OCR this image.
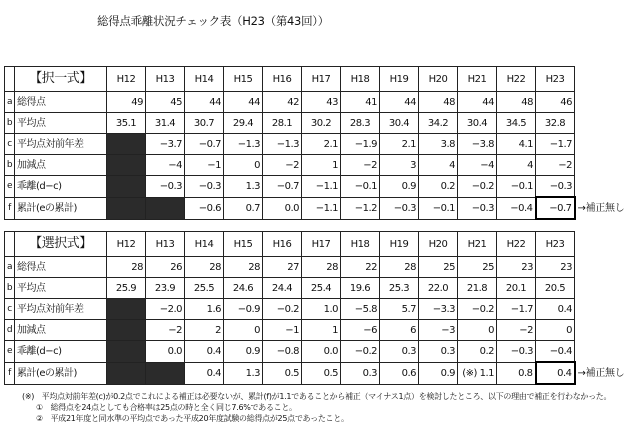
総得点乖離状況チェック表（H23（第43回））
	【択一式】	H12	H13	H14	H15	H16	H17	H18	H19	H20	H21	H22	H23	
a	総得点	49	45	44	44	42	43	41	44	48	44	48	46	
b	平均点	35.1	31.4	30.7	29.4	28.1	30.2	28.3	30.4	34.2	30.4	34.5	32.8	
c	平均点対前年差		−3.7	−0.7	−1.3	−1.3	2.1	−1.9	2.1	3.8	−3.8	4.1	−1.7	
b	加減点		−4	−1	0	−2	1	−2	3	4	−4	4	−2	
e	乖離(d−c)		−0.3	−0.3	1.3	−0.7	−1.1	−0.1	0.9	0.2	−0.2	−0.1	−0.3	
f	累計(eの累計)			−0.6	0.7	0.0	−1.1	−1.2	−0.3	−0.1	−0.3	−0.4	−0.7	→補正無し
	【選択式】	H12	H13	H14	H15	H16	H17	H18	H19	H20	H21	H22	H23	
a	総得点	28	26	28	28	27	28	22	28	25	25	23	23	
b	平均点	25.9	23.9	25.5	24.6	24.4	25.4	19.6	25.3	22.0	21.8	20.1	20.5	
c	平均点対前年差		−2.0	1.6	−0.9	−0.2	1.0	−5.8	5.7	−3.3	−0.2	−1.7	0.4	
d	加減点		−2	2	0	−1	1	−6	6	−3	0	−2	0	
e	乖離(d−c)		0.0	0.4	0.9	−0.8	0.0	−0.2	0.3	0.3	0.2	−0.3	−0.4	
f	累計(eの累計)			0.4	1.3	0.5	0.5	0.3	0.6	0.9	(※) 1.1	0.8	0.4	→補正無し
(※)　平均点対前年差(c)が0.2点でこれによる補正は必要ないが、累計(f)が1.1であることから補正（マイナス1点）を検討したところ、以下の理由で補正を行わなかった。
①　総得点を24点としても合格率は25点の時と全く同じ7.6%であること。
②　平成21年度と同水準の平均点であった平成20年度試験の総得点が25点であったこと。
